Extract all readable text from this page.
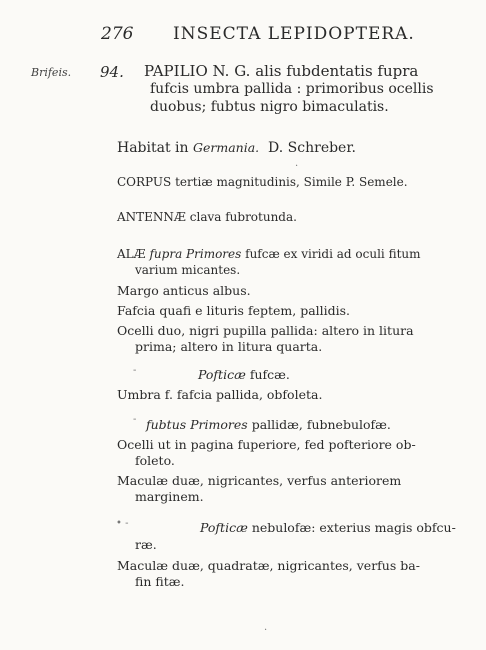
276 INSECTA LEPIDOPTERA.
Brifeis. 94. PAPILIO N. G. alis fubdentatis fupra
fufcis umbra pallida : primoribus ocellis
duobus; fubtus nigro bimaculatis.
Habitat in Germania. D. Schreber.
.
CORPUS tertiæ magnitudinis, Simile P. Semele.
ANTENNÆ clava fubrotunda.
ALÆ fupra Primores fufcæ ex viridi ad oculi fitum
varium micantes.
Margo anticus albus.
Fafcia quafi e lituris feptem, pallidis.
Ocelli duo, nigri pupilla pallida: altero in litura
prima; altero in litura quarta.
-	Pofticæ fufcæ.
Umbra f. fafcia pallida, obfoleta.
- fubtus Primores pallidæ, fubnebulofæ.
Ocelli ut in pagina fuperiore, fed pofteriore ob-
foleto.
Maculæ duæ, nigricantes, verfus anteriorem
marginem.
• -	Pofticæ nebulofæ: exterius magis obfcu-
ræ.
Maculæ duæ, quadratæ, nigricantes, verfus ba-
fin fitæ.
.
